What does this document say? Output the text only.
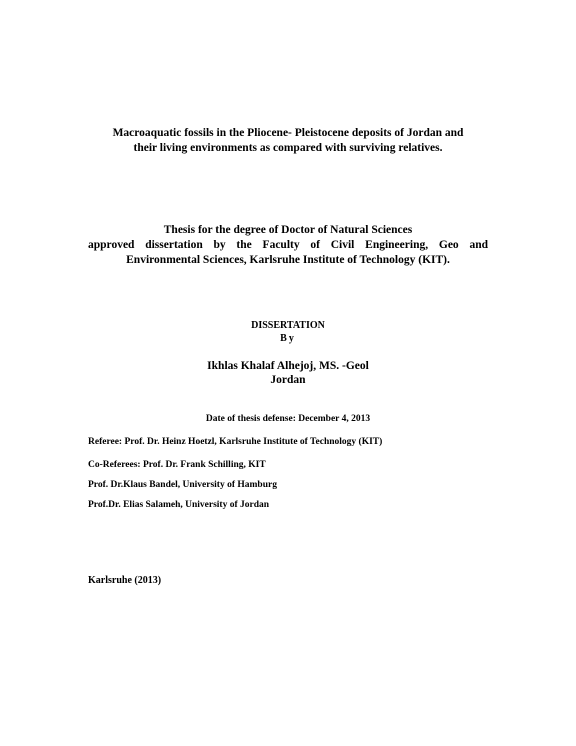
Macroaquatic fossils in the Pliocene- Pleistocene deposits of Jordan and
their living environments as compared with surviving relatives.
Thesis for the degree of Doctor of Natural Sciences
approved dissertation by the Faculty of Civil Engineering, Geo and
Environmental Sciences, Karlsruhe Institute of Technology (KIT).
DISSERTATION
By
Ikhlas Khalaf Alhejoj, MS. -Geol
Jordan
Date of thesis defense: December 4, 2013
Referee: Prof. Dr. Heinz Hoetzl, Karlsruhe Institute of Technology (KIT)
Co-Referees: Prof. Dr. Frank Schilling, KIT
Prof. Dr.Klaus Bandel, University of Hamburg
Prof.Dr. Elias Salameh, University of Jordan
Karlsruhe (2013)
